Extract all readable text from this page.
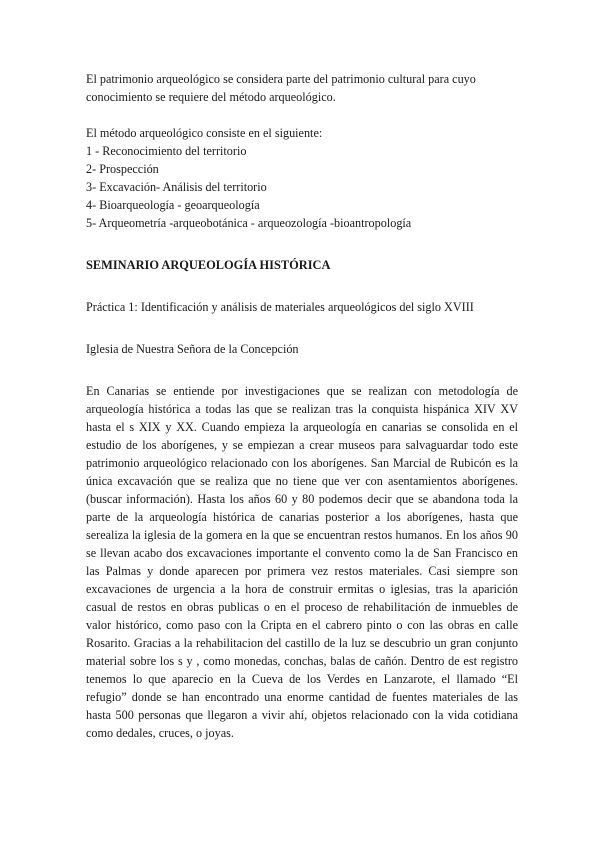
El patrimonio arqueológico se considera parte del patrimonio cultural para cuyo conocimiento se requiere del método arqueológico.

El método arqueológico consiste en el siguiente:

1 - Reconocimiento del territorio
2- Prospección
3- Excavación- Análisis del territorio
4- Bioarqueología - geoarqueología
5- Arqueometría -arqueobotánica - arqueozología -bioantropología

SEMINARIO ARQUEOLOGÍA HISTÓRICA

Práctica 1: Identificación y análisis de materiales arqueológicos del siglo XVIII

Iglesia de Nuestra Señora de la Concepción

En Canarias se entiende por investigaciones que se realizan con metodología de arqueología histórica a todas las que se realizan tras la conquista hispánica XIV XV hasta el s XIX y XX. Cuando empieza la arqueología en canarias se consolida en el estudio de los aborígenes, y se empiezan a crear museos para salvaguardar todo este patrimonio arqueológico relacionado con los aborígenes. San Marcial de Rubicón es la única excavación que se realiza que no tiene que ver con asentamientos aborígenes. (buscar información). Hasta los años 60 y 80 podemos decir que se abandona toda la parte de la arqueología histórica de canarias posterior a los aborígenes, hasta que serealiza la iglesia de la gomera en la que se encuentran restos humanos. En los años 90 se llevan acabo dos excavaciones importante el convento como la de San Francisco en las Palmas y donde aparecen por primera vez restos materiales. Casi siempre son excavaciones de urgencia a la hora de construir ermitas o iglesias, tras la aparición casual de restos en obras publicas o en el proceso de rehabilitación de inmuebles de valor histórico, como paso con la Cripta en el cabrero pinto o con las obras en calle Rosarito. Gracias a la rehabilitacion del castillo de la luz se descubrio un gran conjunto material sobre los s y , como monedas, conchas, balas de cañón. Dentro de est registro tenemos lo que aparecio en la Cueva de los Verdes en Lanzarote, el llamado “El refugio” donde se han encontrado una enorme cantidad de fuentes materiales de las hasta 500 personas que llegaron a vivir ahí, objetos relacionado con la vida cotidiana como dedales, cruces, o joyas.
